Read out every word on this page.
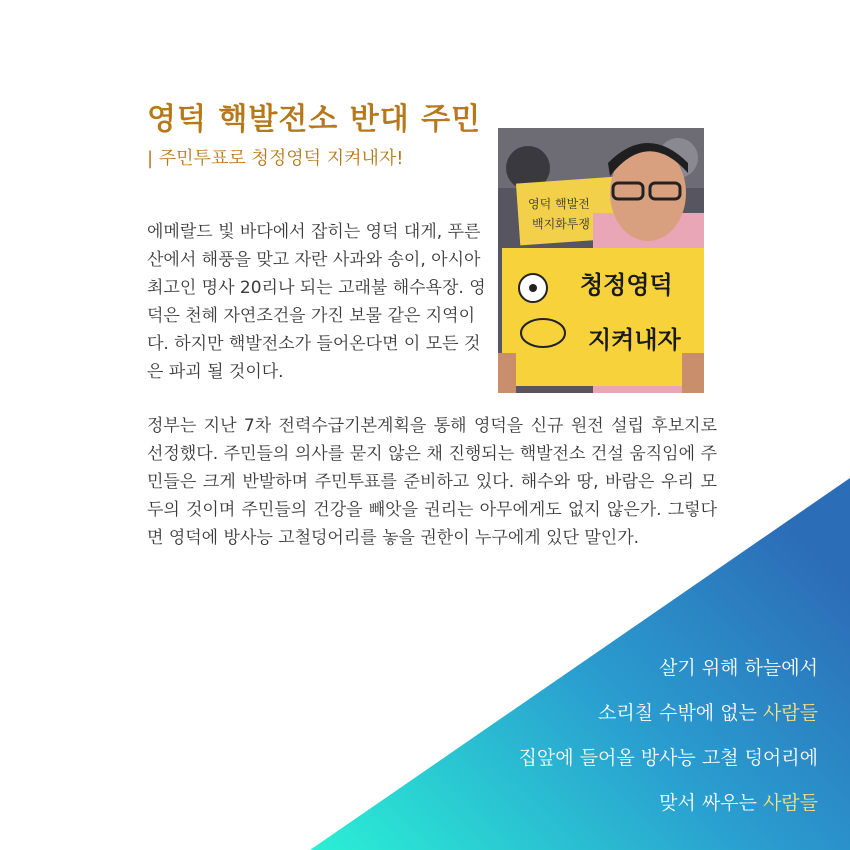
영덕 핵발전소 반대 주민
| 주민투표로 청정영덕 지켜내자!

에메랄드 빛 바다에서 잡히는 영덕 대게, 푸른 산에서 해풍을 맞고 자란 사과와 송이, 아시아 최고인 명사 20리나 되는 고래불 해수욕장. 영덕은 천혜 자연조건을 가진 보물 같은 지역이다. 하지만 핵발전소가 들어온다면 이 모든 것은 파괴 될 것이다.

영덕 핵발전
백지화투쟁
청정영덕
지켜내자

정부는 지난 7차 전력수급기본계획을 통해 영덕을 신규 원전 설립 후보지로 선정했다. 주민들의 의사를 묻지 않은 채 진행되는 핵발전소 건설 움직임에 주민들은 크게 반발하며 주민투표를 준비하고 있다. 해수와 땅, 바람은 우리 모두의 것이며 주민들의 건강을 빼앗을 권리는 아무에게도 없지 않은가. 그렇다면 영덕에 방사능 고철덩어리를 놓을 권한이 누구에게 있단 말인가.

살기 위해 하늘에서
소리칠 수밖에 없는 사람들
집앞에 들어올 방사능 고철 덩어리에
맞서 싸우는 사람들
